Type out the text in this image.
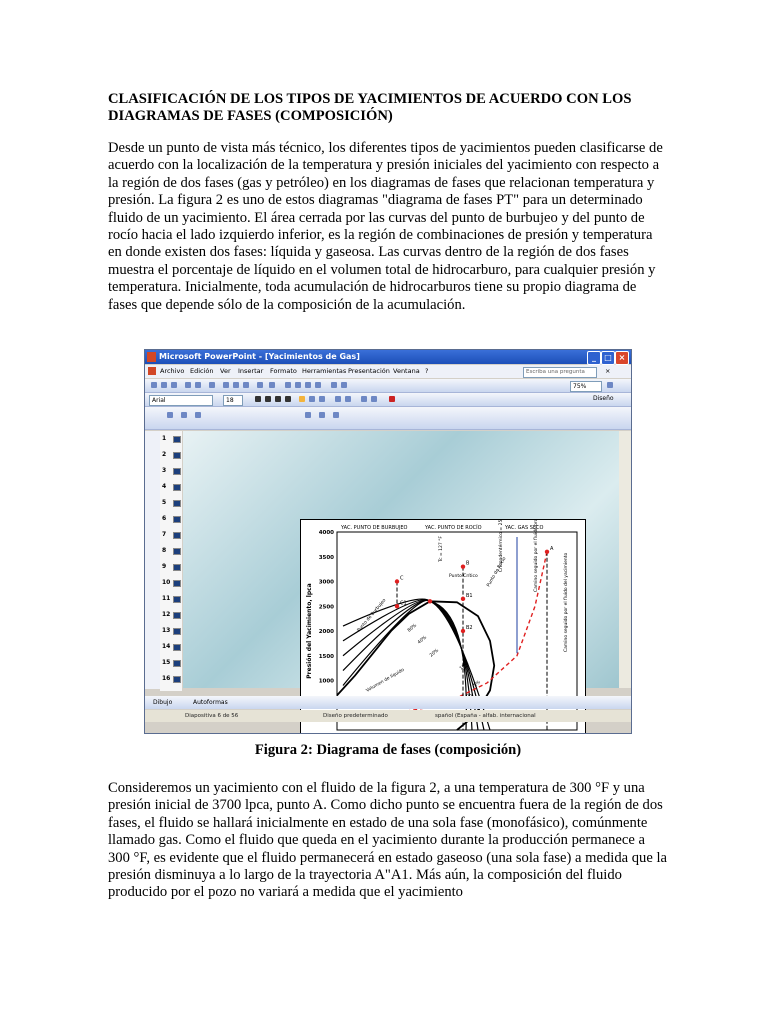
CLASIFICACIÓN DE LOS TIPOS DE YACIMIENTOS DE ACUERDO CON LOS DIAGRAMAS DE FASES (COMPOSICIÓN)

Desde un punto de vista más técnico, los diferentes tipos de yacimientos pueden clasificarse de acuerdo con la localización de la temperatura y presión iniciales del yacimiento con respecto a la región de dos fases (gas y petróleo) en los diagramas de fases que relacionan temperatura y presión. La figura 2 es uno de estos diagramas "diagrama de fases PT" para un determinado fluido de un yacimiento. El área cerrada por las curvas del punto de burbujeo y del punto de rocío hacia el lado izquierdo inferior, es la región de combinaciones de presión y temperatura en donde existen dos fases: líquida y gaseosa. Las curvas dentro de la región de dos fases muestra el porcentaje de líquido en el volumen total de hidrocarburo, para cualquier presión y temperatura. Inicialmente, toda acumulación de hidrocarburos tiene su propio diagrama de fases que depende sólo de la composición de la acumulación.

Microsoft PowerPoint - [Yacimientos de Gas]	_	□ ×
Archivo Edición Ver Insertar Formato Herramientas Presentación Ventana ?	×
Escriba una pregunta
75%
Arial	18	Diseño
1
2
3
4
5
6
7
8
9
10
11
12
13
14
15
16
YAC. PUNTO DE BURBUJEO	YAC. PUNTO DE ROCÍO	YAC. GAS SECO
1000
1500
2000
2500
3000
3500
4000
Presión del Yacimiento, lpca
A
B
B1
B2
C
C1
Punto de Burbujeo
Punto Crítico	Punto de Rocío
Volumen de líquido
Tc = 127 °F	Cricondentérmico = 250 °F	Camino seguido por el fluido producido
Camino seguido por el fluido del yacimiento
80%
40%
20%
10%
5%
Dibujo	Autoformas
Diapositiva 6 de 56	Diseño predeterminado	spañol (España - alfab. internacional
Figura 2: Diagrama de fases (composición)

Consideremos un yacimiento con el fluido de la figura 2, a una temperatura de 300 °F y una presión inicial de 3700 lpca, punto A. Como dicho punto se encuentra fuera de la región de dos fases, el fluido se hallará inicialmente en estado de una sola fase (monofásico), comúnmente llamado gas. Como el fluido que queda en el yacimiento durante la producción permanece a 300 °F, es evidente que el fluido permanecerá en estado gaseoso (una sola fase) a medida que la presión disminuya a lo largo de la trayectoria A"A1. Más aún, la composición del fluido producido por el pozo no variará a medida que el yacimiento
